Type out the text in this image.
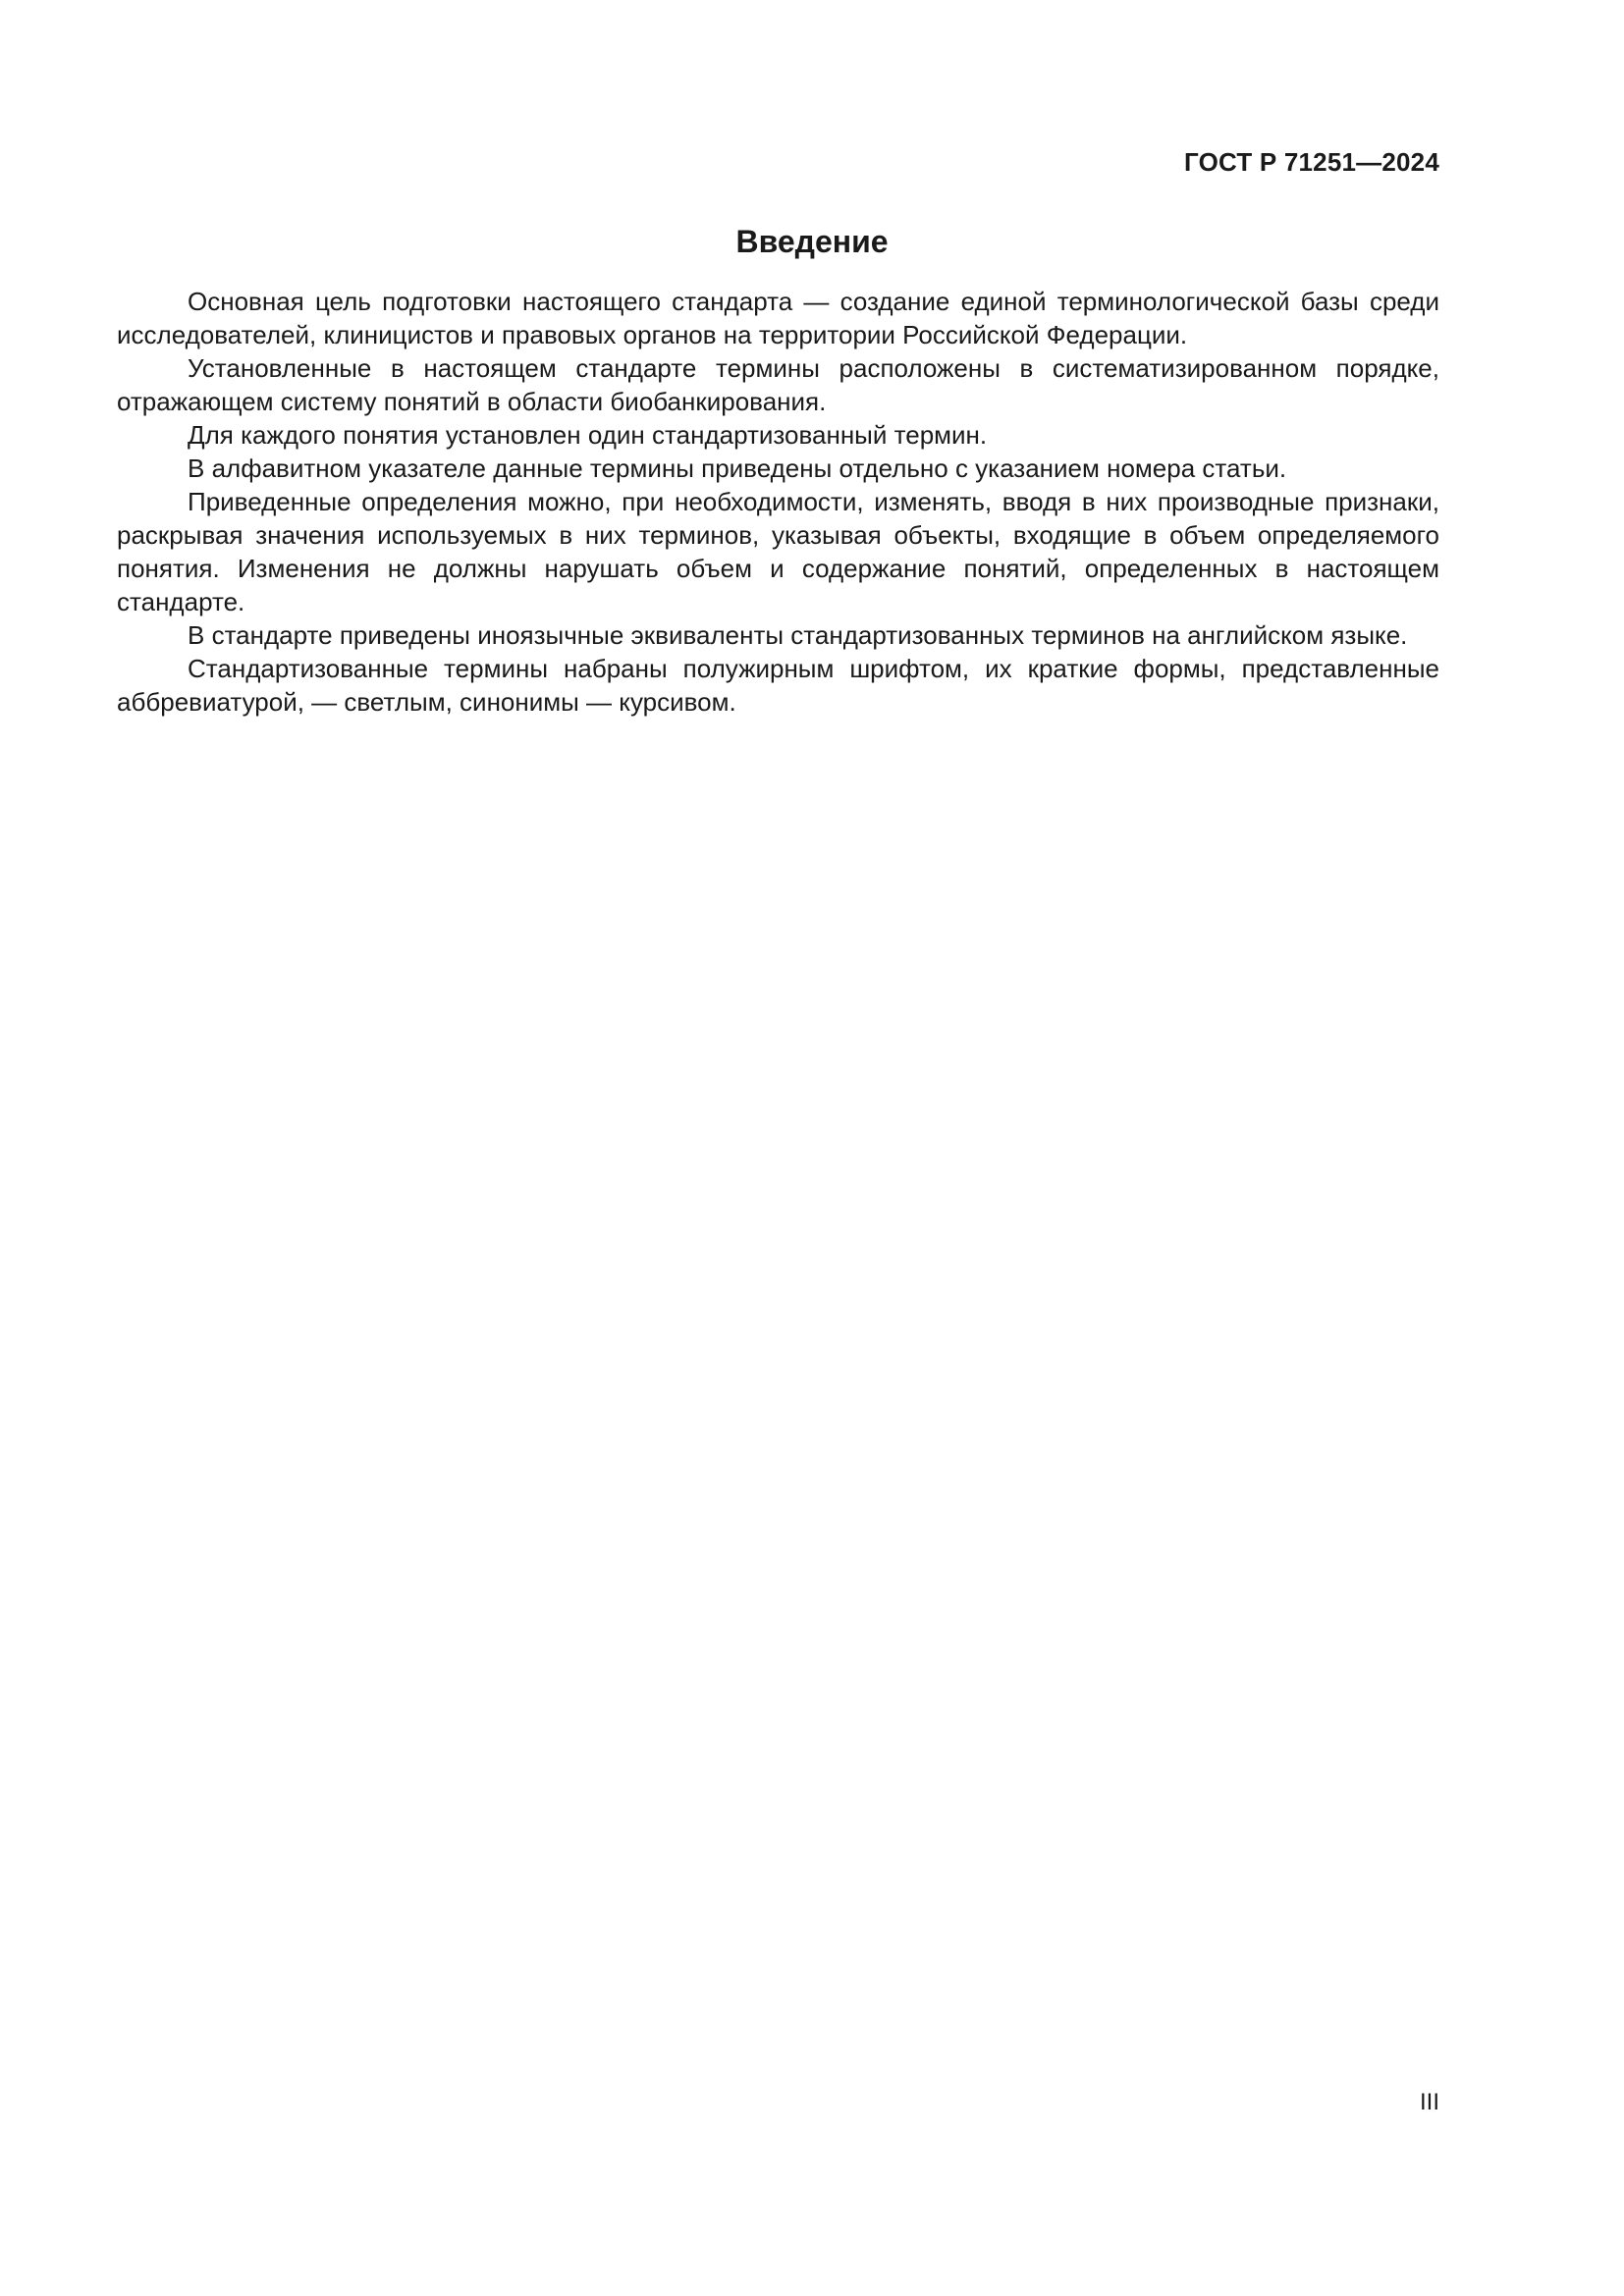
ГОСТ Р 71251—2024
Введение

Основная цель подготовки настоящего стандарта — создание единой терминологической базы среди исследователей, клиницистов и правовых органов на территории Российской Федерации.

Установленные в настоящем стандарте термины расположены в систематизированном порядке, отражающем систему понятий в области биобанкирования.

Для каждого понятия установлен один стандартизованный термин.

В алфавитном указателе данные термины приведены отдельно с указанием номера статьи.

Приведенные определения можно, при необходимости, изменять, вводя в них производные признаки, раскрывая значения используемых в них терминов, указывая объекты, входящие в объем определяемого понятия. Изменения не должны нарушать объем и содержание понятий, определенных в настоящем стандарте.

В стандарте приведены иноязычные эквиваленты стандартизованных терминов на английском языке.

Стандартизованные термины набраны полужирным шрифтом, их краткие формы, представленные аббревиатурой, — светлым, синонимы — курсивом.

III
